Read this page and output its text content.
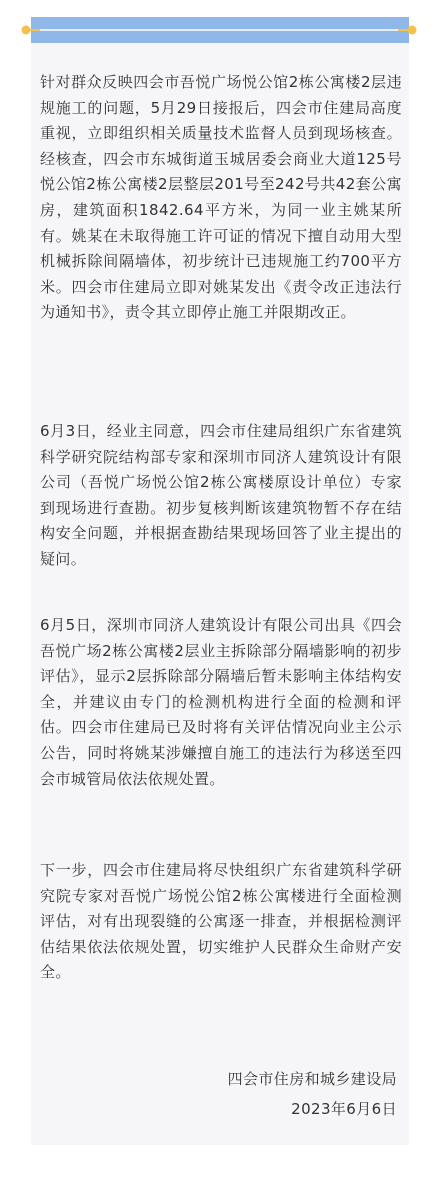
针对群众反映四会市吾悦广场悦公馆2栋公寓楼2层违规施工的问题，5月29日接报后，四会市住建局高度重视，立即组织相关质量技术监督人员到现场核查。经核查，四会市东城街道玉城居委会商业大道125号悦公馆2栋公寓楼2层整层201号至242号共42套公寓房，建筑面积1842.64平方米，为同一业主姚某所有。姚某在未取得施工许可证的情况下擅自动用大型机械拆除间隔墙体，初步统计已违规施工约700平方米。四会市住建局立即对姚某发出《责令改正违法行为通知书》，责令其立即停止施工并限期改正。

6月3日，经业主同意，四会市住建局组织广东省建筑科学研究院结构部专家和深圳市同济人建筑设计有限公司（吾悦广场悦公馆2栋公寓楼原设计单位）专家到现场进行查勘。初步复核判断该建筑物暂不存在结构安全问题，并根据查勘结果现场回答了业主提出的疑问。

6月5日，深圳市同济人建筑设计有限公司出具《四会吾悦广场2栋公寓楼2层业主拆除部分隔墙影响的初步评估》，显示2层拆除部分隔墙后暂未影响主体结构安全，并建议由专门的检测机构进行全面的检测和评估。四会市住建局已及时将有关评估情况向业主公示公告，同时将姚某涉嫌擅自施工的违法行为移送至四会市城管局依法依规处置。

下一步，四会市住建局将尽快组织广东省建筑科学研究院专家对吾悦广场悦公馆2栋公寓楼进行全面检测评估，对有出现裂缝的公寓逐一排查，并根据检测评估结果依法依规处置，切实维护人民群众生命财产安全。

四会市住房和城乡建设局
2023年6月6日
